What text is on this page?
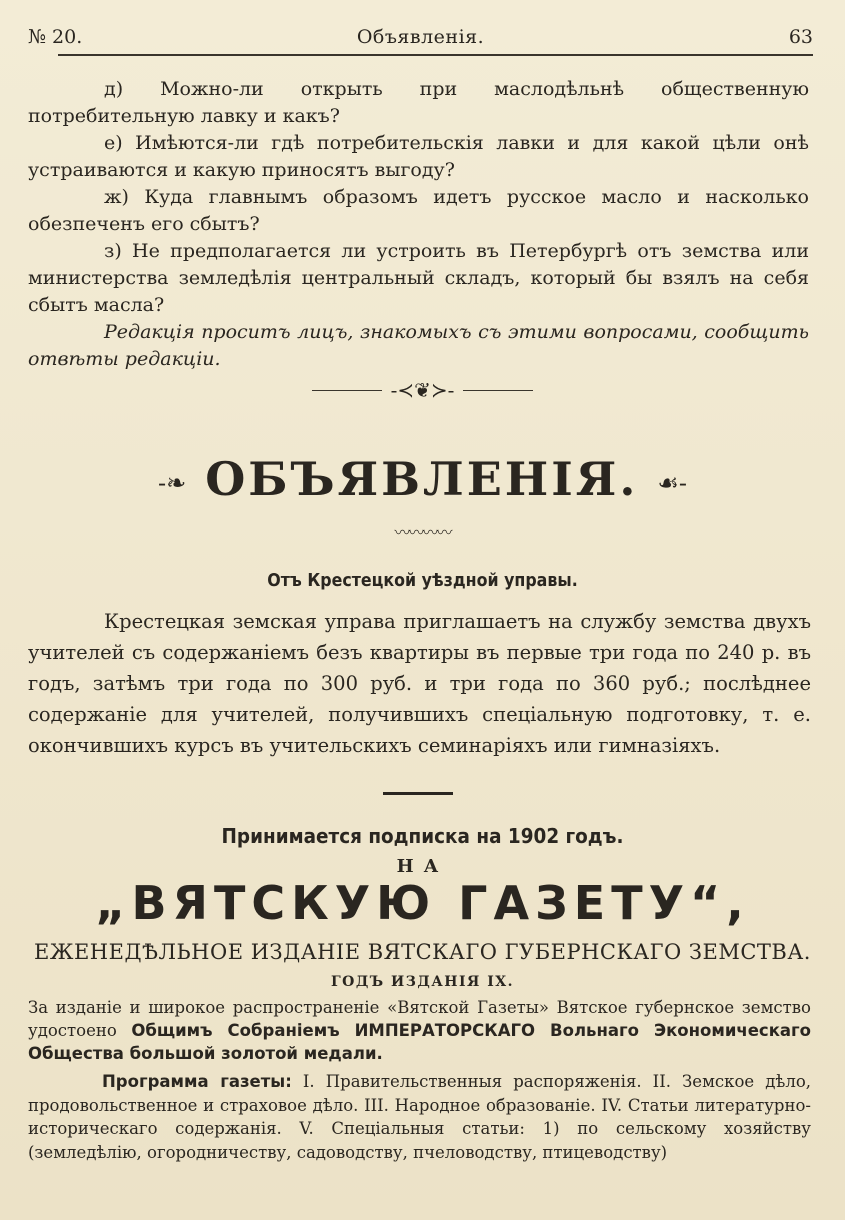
№ 20.	Объявленія.	63

д) Можно-ли открыть при маслодѣльнѣ общественную потребительную лавку и какъ?

е) Имѣются-ли гдѣ потребительскія лавки и для какой цѣли онѣ устраиваются и какую приносятъ выгоду?

ж) Куда главнымъ образомъ идетъ русское масло и насколько обезпеченъ его сбытъ?

з) Не предполагается ли устроить въ Петербургѣ отъ земства или министерства земледѣлія центральный складъ, который бы взялъ на себя сбытъ масла?

Редакція проситъ лицъ, знакомыхъ съ этими вопросами, сообщить отвѣты редакціи.

-≺❦≻-
-❧ ОБЪЯВЛЕНІЯ. ☙-
〰〰〰〰
Отъ Крестецкой уѣздной управы.

Крестецкая земская управа приглашаетъ на службу земства двухъ учителей съ содержаніемъ безъ квартиры въ первые три года по 240 р. въ годъ, затѣмъ три года по 300 руб. и три года по 360 руб.; послѣднее содержаніе для учителей, получившихъ спеціальную подготовку, т. е. окончившихъ курсъ въ учительскихъ семинаріяхъ или гимназіяхъ.

Принимается подписка на 1902 годъ.
НА
„ВЯТСКУЮ ГАЗЕТУ“,
ЕЖЕНЕДѢЛЬНОЕ ИЗДАНІЕ ВЯТСКАГО ГУБЕРНСКАГО ЗЕМСТВА.
ГОДЪ ИЗДАНІЯ IX.

За изданіе и широкое распространеніе «Вятской Газеты» Вятское губернское земство удостоено Общимъ Собраніемъ ИМПЕРАТОРСКАГО Вольнаго Экономическаго Общества большой золотой медали.

Программа газеты: I. Правительственныя распоряженія. II. Земское дѣло, продовольственное и страховое дѣло. III. Народное образованіе. IV. Статьи литературно-историческаго содержанія. V. Спеціальныя статьи: 1) по сельскому хозяйству (земледѣлію, огородничеству, садоводству, пчеловодству, птицеводству)
